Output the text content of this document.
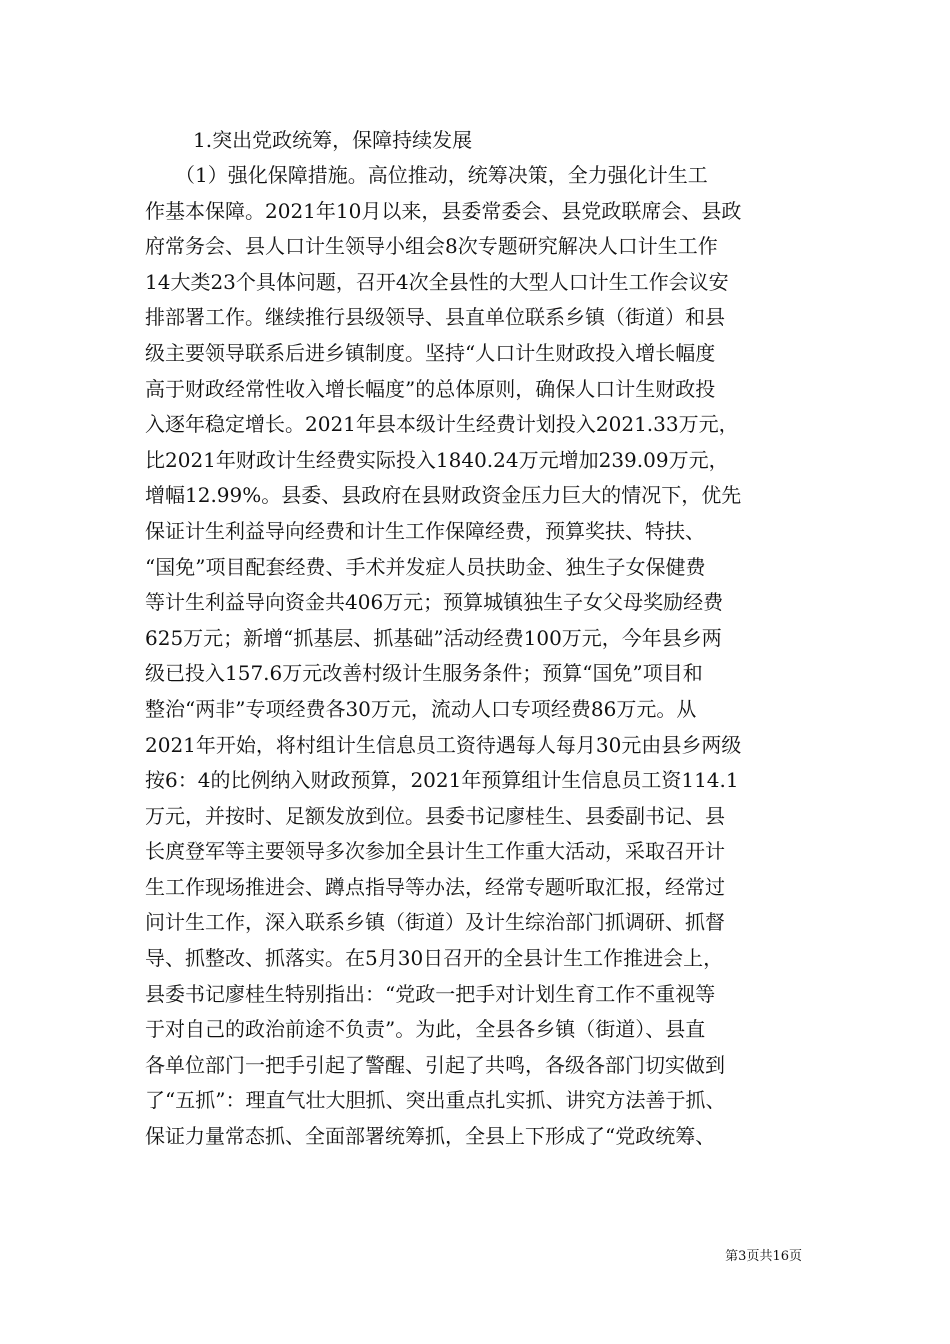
1.突出党政统筹，保障持续发展

（1）强化保障措施。高位推动，统筹决策，全力强化计生工

作基本保障。2021年10月以来，县委常委会、县党政联席会、县政

府常务会、县人口计生领导小组会8次专题研究解决人口计生工作

14大类23个具体问题，召开4次全县性的大型人口计生工作会议安

排部署工作。继续推行县级领导、县直单位联系乡镇（街道）和县

级主要领导联系后进乡镇制度。坚持“人口计生财政投入增长幅度

高于财政经常性收入增长幅度”的总体原则，确保人口计生财政投

入逐年稳定增长。2021年县本级计生经费计划投入2021.33万元，

比2021年财政计生经费实际投入1840.24万元增加239.09万元，

增幅12.99%。县委、县政府在县财政资金压力巨大的情况下，优先

保证计生利益导向经费和计生工作保障经费，预算奖扶、特扶、

“国免”项目配套经费、手术并发症人员扶助金、独生子女保健费

等计生利益导向资金共406万元；预算城镇独生子女父母奖励经费

625万元；新增“抓基层、抓基础”活动经费100万元，今年县乡两

级已投入157.6万元改善村级计生服务条件；预算“国免”项目和

整治“两非”专项经费各30万元，流动人口专项经费86万元。从

2021年开始，将村组计生信息员工资待遇每人每月30元由县乡两级

按6：4的比例纳入财政预算，2021年预算组计生信息员工资114.1

万元，并按时、足额发放到位。县委书记廖桂生、县委副书记、县

长庹登军等主要领导多次参加全县计生工作重大活动，采取召开计

生工作现场推进会、蹲点指导等办法，经常专题听取汇报，经常过

问计生工作，深入联系乡镇（街道）及计生综治部门抓调研、抓督

导、抓整改、抓落实。在5月30日召开的全县计生工作推进会上，

县委书记廖桂生特别指出：“党政一把手对计划生育工作不重视等

于对自己的政治前途不负责”。为此，全县各乡镇（街道）、县直

各单位部门一把手引起了警醒、引起了共鸣，各级各部门切实做到

了“五抓”：理直气壮大胆抓、突出重点扎实抓、讲究方法善于抓、

保证力量常态抓、全面部署统筹抓，全县上下形成了“党政统筹、

第3页共16页
